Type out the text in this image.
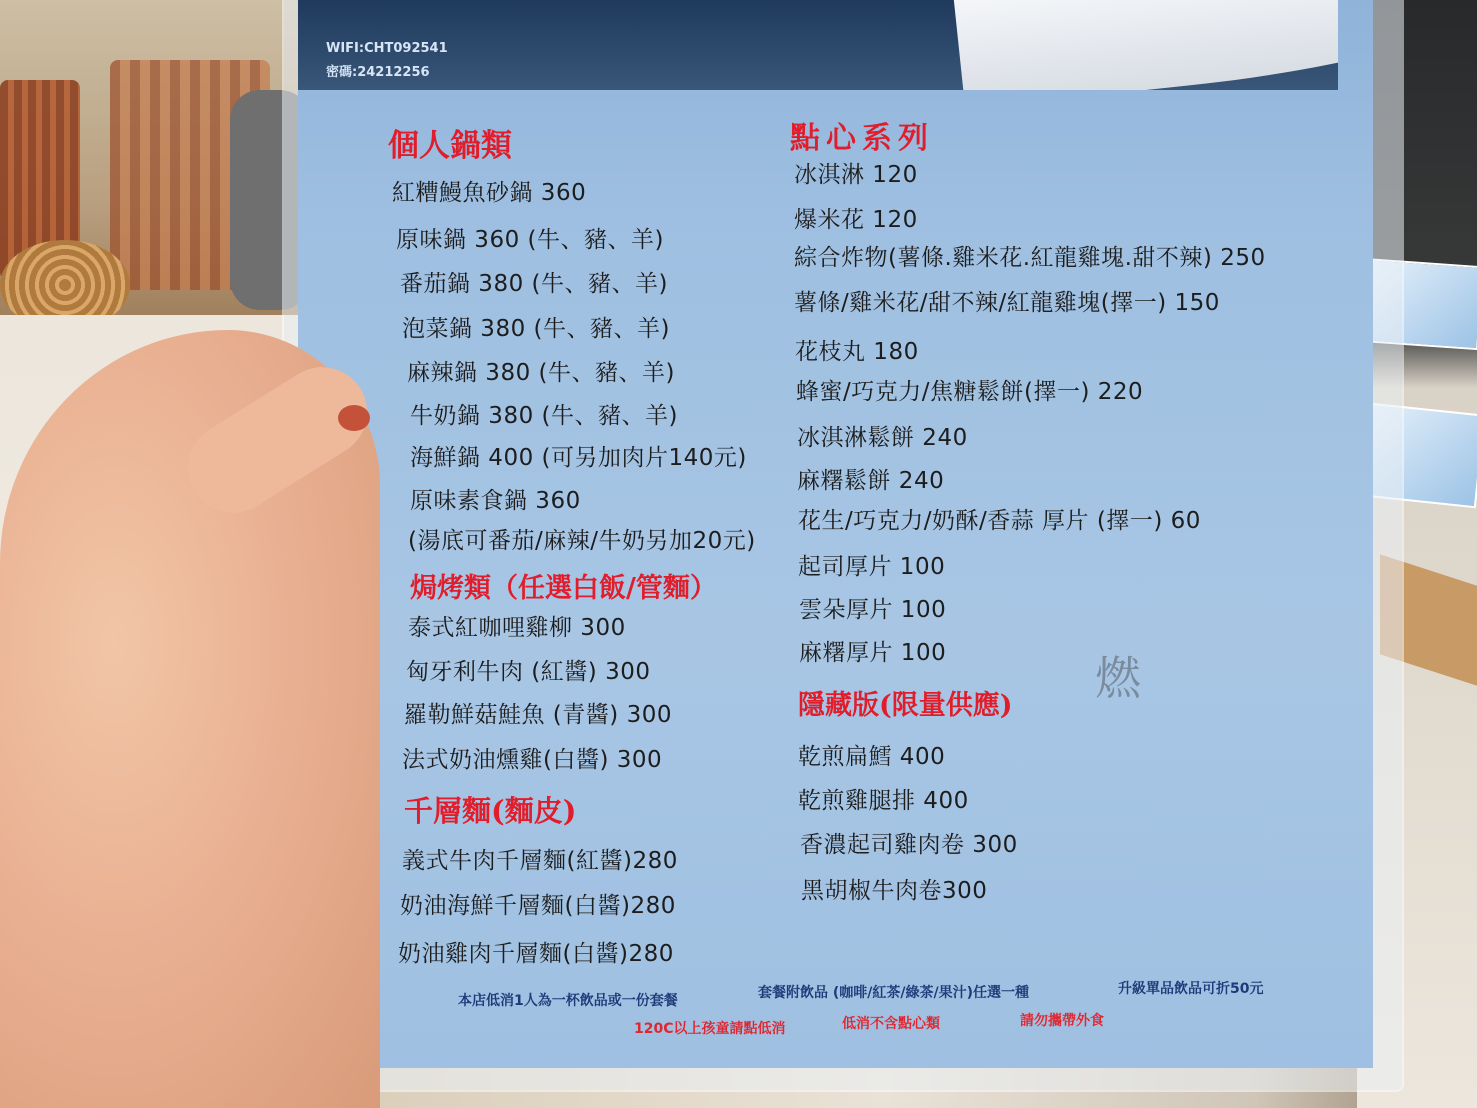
WIFI:CHT092541
密碼:24212256
個人鍋類
紅糟鰻魚砂鍋 360
原味鍋 360 (牛、豬、羊)
番茄鍋 380 (牛、豬、羊)
泡菜鍋 380 (牛、豬、羊)
麻辣鍋 380 (牛、豬、羊)
牛奶鍋 380 (牛、豬、羊)
海鮮鍋 400 (可另加肉片140元)
原味素食鍋 360
(湯底可番茄/麻辣/牛奶另加20元)
焗烤類（任選白飯/管麵）
泰式紅咖哩雞柳 300
匈牙利牛肉 (紅醬) 300
羅勒鮮菇鮭魚 (青醬) 300
法式奶油燻雞(白醬) 300
千層麵(麵皮)
義式牛肉千層麵(紅醬)280
奶油海鮮千層麵(白醬)280
奶油雞肉千層麵(白醬)280
點心系列
冰淇淋 120
爆米花 120
綜合炸物(薯條.雞米花.紅龍雞塊.甜不辣) 250
薯條/雞米花/甜不辣/紅龍雞塊(擇一) 150
花枝丸 180
蜂蜜/巧克力/焦糖鬆餅(擇一) 220
冰淇淋鬆餅 240
麻糬鬆餅 240
花生/巧克力/奶酥/香蒜 厚片 (擇一) 60
起司厚片 100
雲朵厚片 100
麻糬厚片 100
隱藏版(限量供應)
乾煎扁鱈 400
乾煎雞腿排 400
香濃起司雞肉卷 300
黑胡椒牛肉卷300
燃
本店低消1人為一杯飲品或一份套餐	套餐附飲品 (咖啡/紅茶/綠茶/果汁)任選一種	升級單品飲品可折50元
120C以上孩童請點低消	低消不含點心類	請勿攜帶外食
